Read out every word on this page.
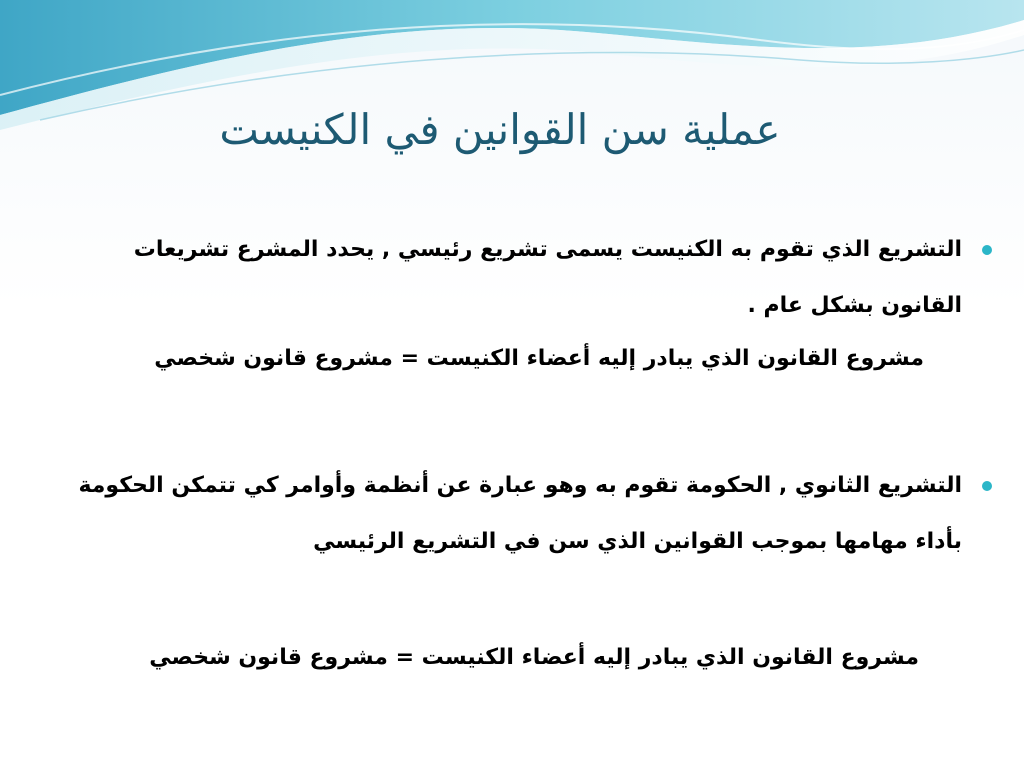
عملية سن القوانين في الكنيست
التشريع الذي تقوم به الكنيست يسمى تشريع رئيسي , يحدد المشرع تشريعات القانون بشكل عام .
مشروع القانون الذي يبادر إليه أعضاء الكنيست = مشروع قانون شخصي
التشريع الثانوي , الحكومة تقوم به وهو عبارة عن أنظمة وأوامر كي تتمكن الحكومة بأداء مهامها بموجب القوانين الذي سن في التشريع الرئيسي
مشروع القانون الذي يبادر إليه أعضاء الكنيست = مشروع قانون شخصي
